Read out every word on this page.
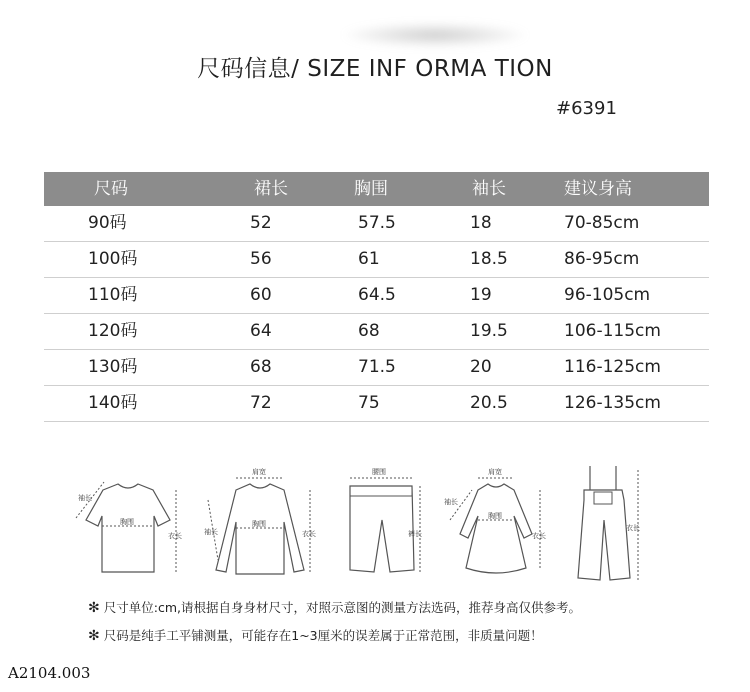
尺码信息/ SIZE INF ORMA TION
#6391
尺码	裙长	胸围	袖长	建议身高
90码	52	57.5	18	70-85cm
100码	56	61	18.5	86-95cm
110码	60	64.5	19	96-105cm
120码	64	68	19.5	106-115cm
130码	68	71.5	20	116-125cm
140码	72	75	20.5	126-135cm
袖长
胸围
衣长
肩宽
袖长
胸围
衣长
腰围
裤长
肩宽
袖长
胸围
衣长
衣长
✻ 尺寸单位:cm,请根据自身身材尺寸，对照示意图的测量方法选码，推荐身高仅供参考。
✻ 尺码是纯手工平铺测量，可能存在1~3厘米的误差属于正常范围，非质量问题！
A2104.003
